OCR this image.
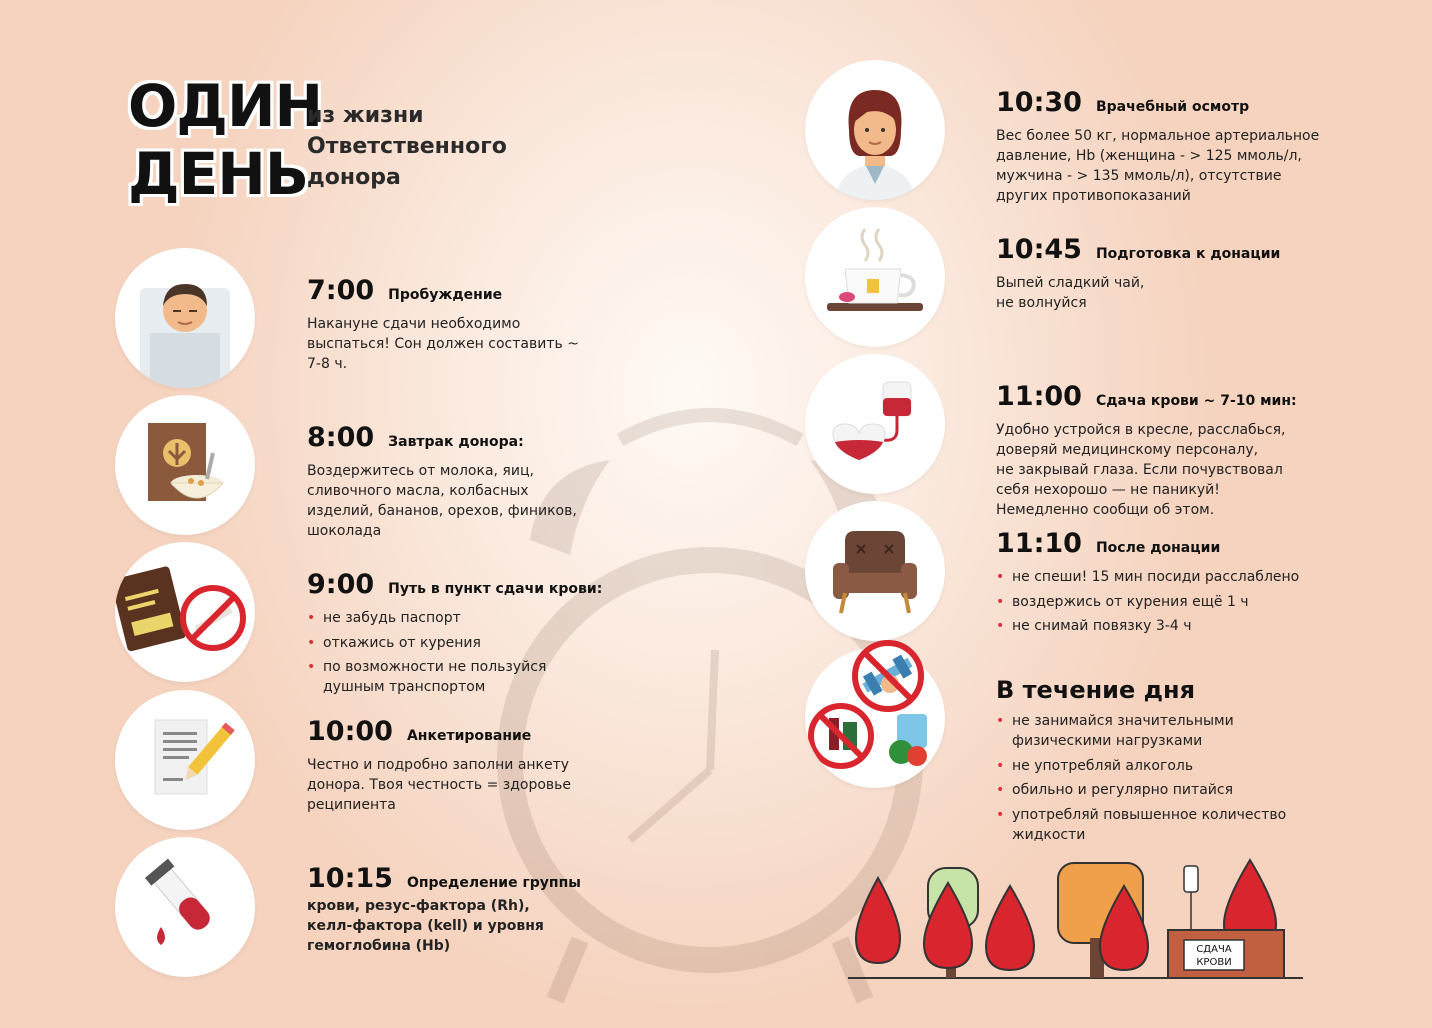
ОДИН
ДЕНЬ
из жизни
Ответственного
донора
7:00 Пробуждение
Накануне сдачи необходимо
выспаться! Сон должен составить ~
7-8 ч.
8:00 Завтрак донора:
Воздержитесь от молока, яиц,
сливочного масла, колбасных
изделий, бананов, орехов, фиников,
шоколада
9:00 Путь в пункт сдачи крови:
• не забудь паспорт
• откажись от курения
• по возможности не пользуйся
душным транспортом
10:00 Анкетирование
Честно и подробно заполни анкету
донора. Твоя честность = здоровье
реципиента
10:15 Определение группы
крови, резус-фактора (Rh),
келл-фактора (kell) и уровня
гемоглобина (Hb)
10:30 Врачебный осмотр
Вес более 50 кг, нормальное артериальное
давление, Hb (женщина - > 125 ммоль/л,
мужчина - > 135 ммоль/л), отсутствие
других противопоказаний
10:45 Подготовка к донации
Выпей сладкий чай,
не волнуйся
11:00 Сдача крови ~ 7-10 мин:
Удобно устройся в кресле, расслабься,
доверяй медицинскому персоналу,
не закрывай глаза. Если почувствовал
себя нехорошо — не паникуй!
Немедленно сообщи об этом.
11:10 После донации
• не спеши! 15 мин посиди расслаблено
• воздержись от курения ещё 1 ч
• не снимай повязку 3-4 ч
В течение дня
• не занимайся значительными
физическими нагрузками
• не употребляй алкоголь
• обильно и регулярно питайся
• употребляй повышенное количество
жидкости
СДАЧА
КРОВИ
